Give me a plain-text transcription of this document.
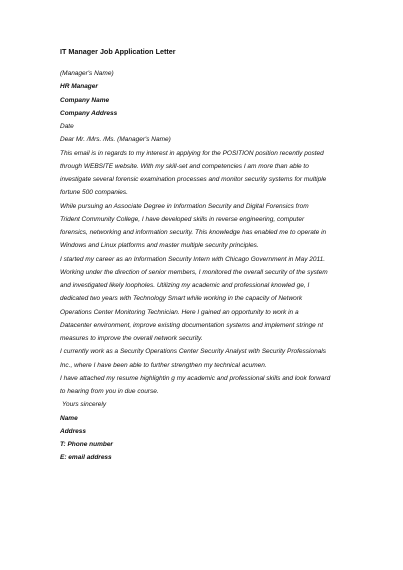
IT Manager Job Application Letter
(Manager's Name)
HR Manager
Company Name
Company Address
Date
Dear Mr. /Mrs. /Ms. (Manager's Name)
This email is in regards to my interest in applying for the POSITION position recently posted
through WEBSITE website. With my skill-set and competencies I am more than able to
investigate several forensic examination processes and monitor security systems for multiple
fortune 500 companies.
While pursuing an Associate Degree in Information Security and Digital Forensics from
Trident Community College, I have developed skills in reverse engineering, computer
forensics, networking and information security. This knowledge has enabled me to operate in
Windows and Linux platforms and master multiple security principles.
I started my career as an Information Security Intern with Chicago Government in May 2011.
Working under the direction of senior members, I monitored the overall security of the system
and investigated likely loopholes. Utilizing my academic and professional knowled ge, I
dedicated two years with Technology Smart while working in the capacity of Network
Operations Center Monitoring Technician. Here I gained an opportunity to work in a
Datacenter environment, improve existing documentation systems and implement stringe nt
measures to improve the overall network security.
I currently work as a Security Operations Center Security Analyst with Security Professionals
Inc., where I have been able to further strengthen my technical acumen.
I have attached my resume highlightin g my academic and professional skills and look forward
to hearing from you in due course.
Yours sincerely
Name
Address
T: Phone number
E: email address
